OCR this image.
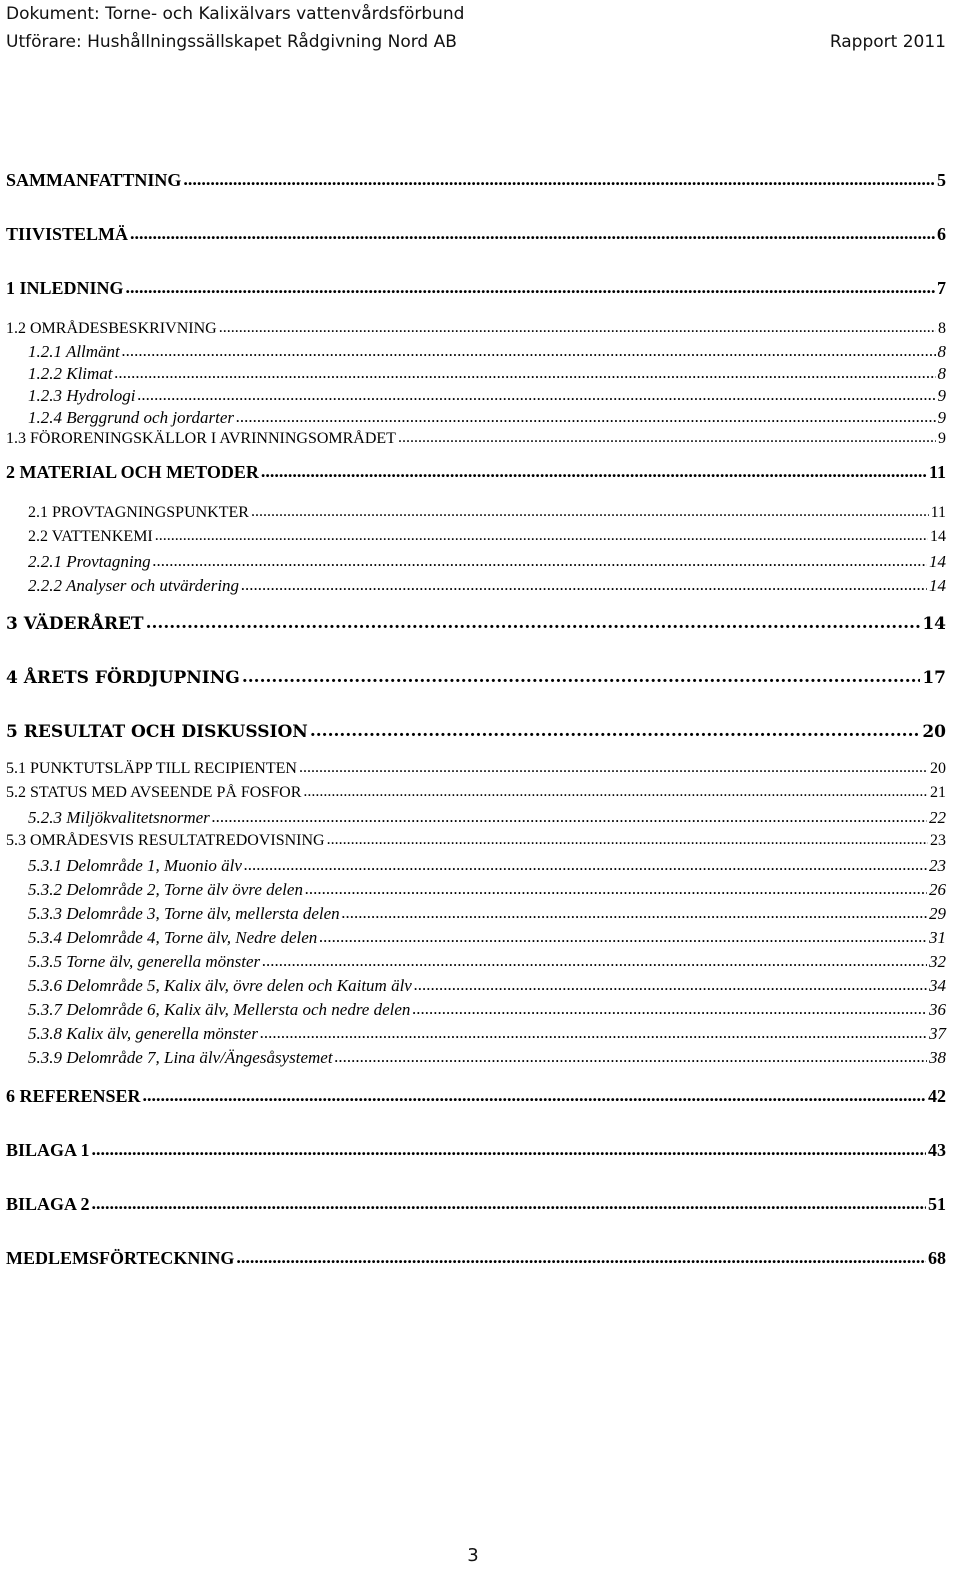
Dokument: Torne- och Kalixälvars vattenvårdsförbund
Utförare: Hushållningssällskapet Rådgivning Nord AB	Rapport 2011
SAMMANFATTNING .....	5
TIIVISTELMÄ .....	6
1 INLEDNING .....	7
1.2 OMRÅDESBESKRIVNING .....	8
1.2.1 Allmänt .....	8
1.2.2 Klimat .....	8
1.2.3 Hydrologi .....	9
1.2.4 Berggrund och jordarter .....	9
1.3 FÖRORENINGSKÄLLOR I AVRINNINGSOMRÅDET .....	9
2 MATERIAL OCH METODER .....	11
2.1 PROVTAGNINGSPUNKTER .....	11
2.2 VATTENKEMI .....	14
2.2.1 Provtagning .....	14
2.2.2 Analyser och utvärdering .....	14
3 VÄDERÅRET .....	14
4 ÅRETS FÖRDJUPNING .....	17
5 RESULTAT OCH DISKUSSION .....	20
5.1 PUNKTUTSLÄPP TILL RECIPIENTEN .....	20
5.2 STATUS MED AVSEENDE PÅ FOSFOR .....	21
5.2.3 Miljökvalitetsnormer .....	22
5.3 OMRÅDESVIS RESULTATREDOVISNING .....	23
5.3.1 Delområde 1, Muonio älv .....	23
5.3.2 Delområde 2, Torne älv övre delen .....	26
5.3.3 Delområde 3, Torne älv, mellersta delen .....	29
5.3.4 Delområde 4, Torne älv, Nedre delen .....	31
5.3.5 Torne älv, generella mönster .....	32
5.3.6 Delområde 5, Kalix älv, övre delen och Kaitum älv .....	34
5.3.7 Delområde 6, Kalix älv, Mellersta och nedre delen .....	36
5.3.8 Kalix älv, generella mönster .....	37
5.3.9 Delområde 7, Lina älv/Ängesåsystemet .....	38
6 REFERENSER .....	42
BILAGA 1 .....	43
BILAGA 2 .....	51
MEDLEMSFÖRTECKNING .....	68
3
